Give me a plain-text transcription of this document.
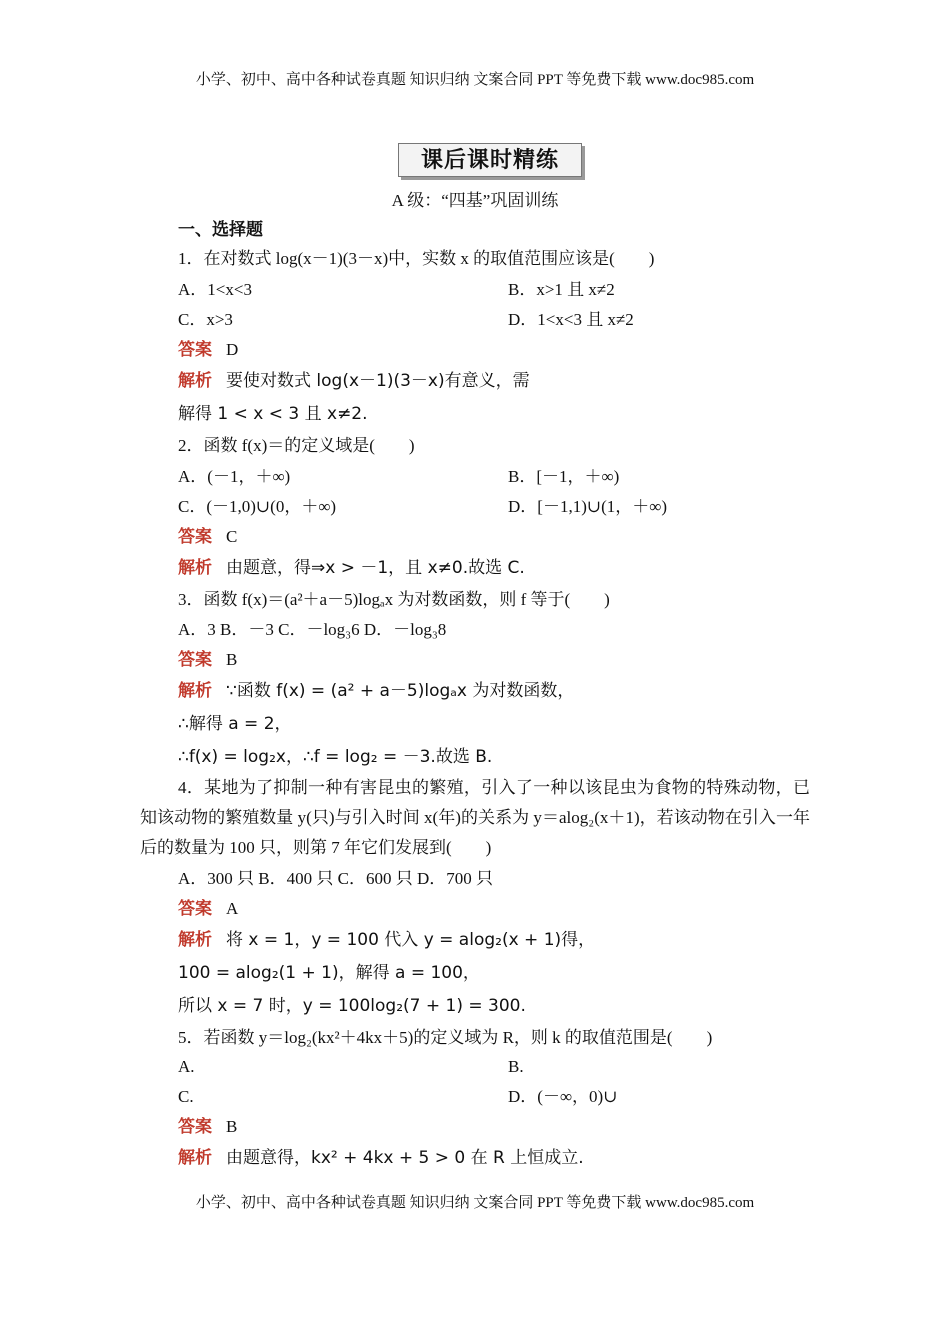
小学、初中、高中各种试卷真题 知识归纳 文案合同 PPT 等免费下载 www.doc985.com
课后课时精练
A 级：“四基”巩固训练
一、选择题
1．在对数式 log(x－1)(3－x)中，实数 x 的取值范围应该是(　　)
A．1<x<3	B．x>1 且 x≠2
C．x>3	D．1<x<3 且 x≠2
答案 D
解析 要使对数式 log(x－1)(3－x)有意义，需
解得 1 < x < 3 且 x≠2.
2．函数 f(x)＝的定义域是(　　)
A．(－1，＋∞)	B．[－1，＋∞)
C．(－1,0)∪(0，＋∞)	D．[－1,1)∪(1，＋∞)
答案 C
解析 由题意，得⇒x > －1，且 x≠0.故选 C.
3．函数 f(x)＝(a²＋a－5)logₐx 为对数函数，则 f 等于(　　)
A．3 B．－3 C．－log₃6 D．－log₃8
答案 B
解析 ∵函数 f(x) = (a² + a－5)logₐx 为对数函数，
∴解得 a = 2，
∴f(x) = log₂x，∴f = log₂ = －3.故选 B.
4．某地为了抑制一种有害昆虫的繁殖，引入了一种以该昆虫为食物的特殊动物，已知该动物的繁殖数量 y(只)与引入时间 x(年)的关系为 y＝alog₂(x＋1)，若该动物在引入一年后的数量为 100 只，则第 7 年它们发展到(　　)
A．300 只 B．400 只 C．600 只 D．700 只
答案 A
解析 将 x = 1，y = 100 代入 y = alog₂(x + 1)得，
100 = alog₂(1 + 1)，解得 a = 100，
所以 x = 7 时，y = 100log₂(7 + 1) = 300.
5．若函数 y＝log₂(kx²＋4kx＋5)的定义域为 R，则 k 的取值范围是(　　)
A.	B.
C.	D．(－∞，0)∪
答案 B
解析 由题意得，kx² + 4kx + 5 > 0 在 R 上恒成立.
小学、初中、高中各种试卷真题 知识归纳 文案合同 PPT 等免费下载 www.doc985.com
